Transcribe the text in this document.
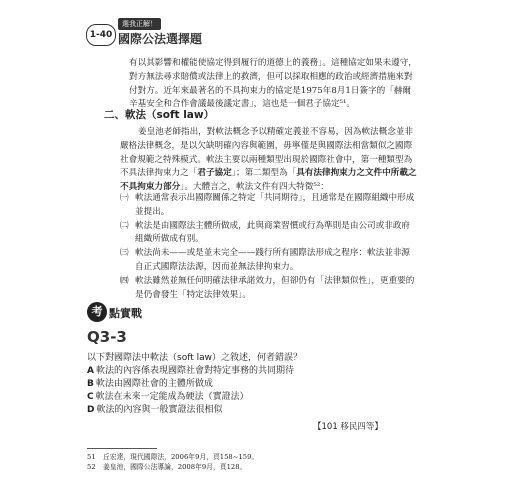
1-40
選我正解！
國際公法選擇題
有以其影響和權能使協定得到履行的道德上的義務」。這種協定如果未遵守，對方無法尋求賠償或法律上的救濟，但可以採取相應的政治或經濟措施來對付對方。近年來最著名的不具拘束力的協定是1975年8月1日簽字的「赫爾辛基安全和合作會議最後議定書」，這也是一個君子協定⁵¹。
二、軟法（soft law）
姜皇池老師指出，對軟法概念予以精確定義並不容易，因為軟法概念並非嚴格法律概念，是以欠缺明確內容與範圍，毋寧僅是與國際法相當類似之國際社會規範之特殊模式。軟法主要以兩種類型出現於國際社會中，第一種類型為不具法律拘束力之「君子協定」；第二類型為「具有法律拘束力之文件中所載之不具拘束力部分」。大體言之，軟法文件有四大特徵⁵²：
㈠ 軟法通常表示出國際關係之特定「共同期待」，且通常是在國際組織中形成並提出。
㈡ 軟法是由國際法主體所做成，此與商業習慣或行為準則是由公司或非政府組織所做成有別。
㈢ 軟法尚未——或是並未完全——踐行所有國際法形成之程序：軟法並非源自正式國際法法源，因而並無法律拘束力。
㈣ 軟法雖然並無任何明確法律承諾效力，但卻仍有「法律類似性」，更重要的是仍會發生「特定法律效果」。
考 點實戰
Q3-3
以下對國際法中軟法（soft law）之敘述，何者錯誤？
A 軟法的內容係表現國際社會對特定事務的共同期待
B 軟法由國際社會的主體所做成
C 軟法在未來一定能成為硬法（實證法）
D 軟法的內容與一般實證法很相似
【101 移民四等】
51 丘宏達，現代國際法，2006年9月，頁158~159。
52 姜皇池，國際公法導論，2008年9月，頁128。
